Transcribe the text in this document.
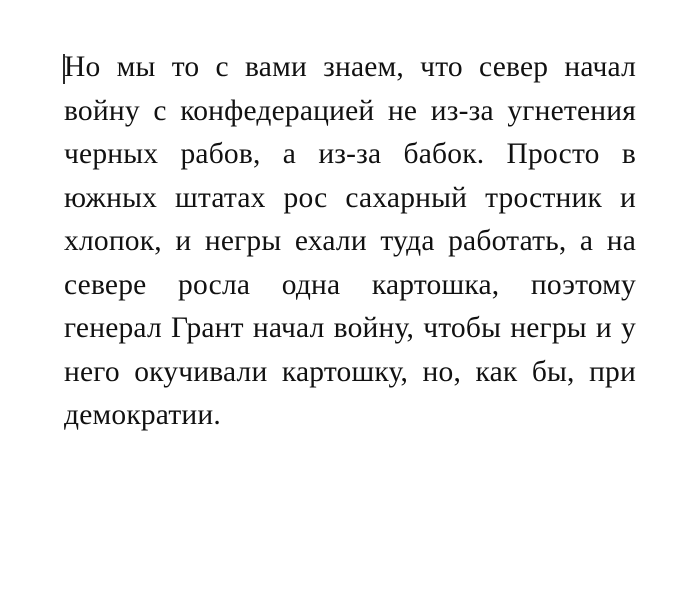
Но мы то с вами знаем, что север начал войну с конфедерацией не из-за угнетения черных рабов, а из-за бабок. Просто в южных штатах рос сахарный тростник и хлопок, и негры ехали туда работать, а на севере росла одна картошка, поэтому генерал Грант начал войну, чтобы негры и у него окучивали картошку, но, как бы, при демократии.
